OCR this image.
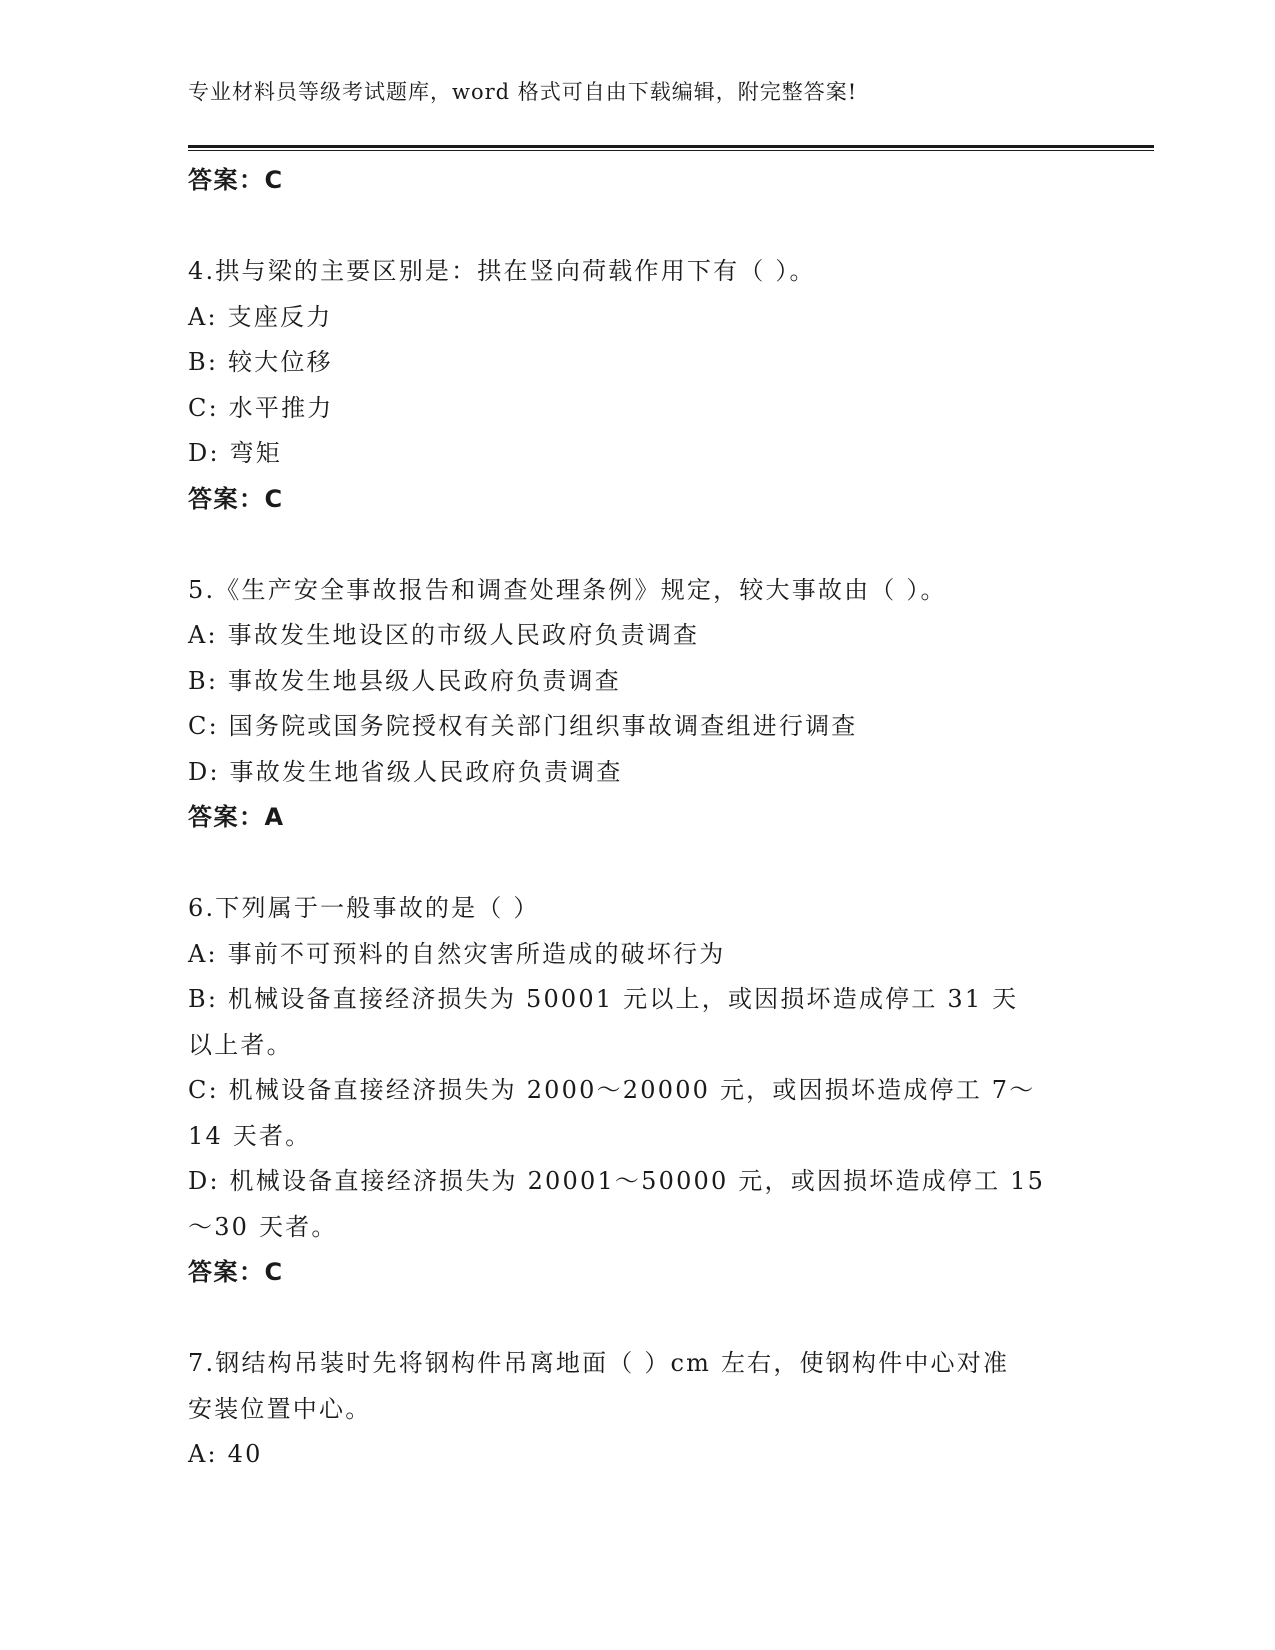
专业材料员等级考试题库，word 格式可自由下载编辑，附完整答案!
答案：C
4.拱与梁的主要区别是：拱在竖向荷载作用下有（ ）。
A: 支座反力
B: 较大位移
C: 水平推力
D: 弯矩
答案：C
5.《生产安全事故报告和调查处理条例》规定，较大事故由（ ）。
A: 事故发生地设区的市级人民政府负责调查
B: 事故发生地县级人民政府负责调查
C: 国务院或国务院授权有关部门组织事故调查组进行调查
D: 事故发生地省级人民政府负责调查
答案：A
6.下列属于一般事故的是（ ）
A: 事前不可预料的自然灾害所造成的破坏行为
B: 机械设备直接经济损失为 50001 元以上，或因损坏造成停工 31 天
以上者。
C: 机械设备直接经济损失为 2000～20000 元，或因损坏造成停工 7～
14 天者。
D: 机械设备直接经济损失为 20001～50000 元，或因损坏造成停工 15
～30 天者。
答案：C
7.钢结构吊装时先将钢构件吊离地面（ ）cm 左右，使钢构件中心对准
安装位置中心。
A: 40
